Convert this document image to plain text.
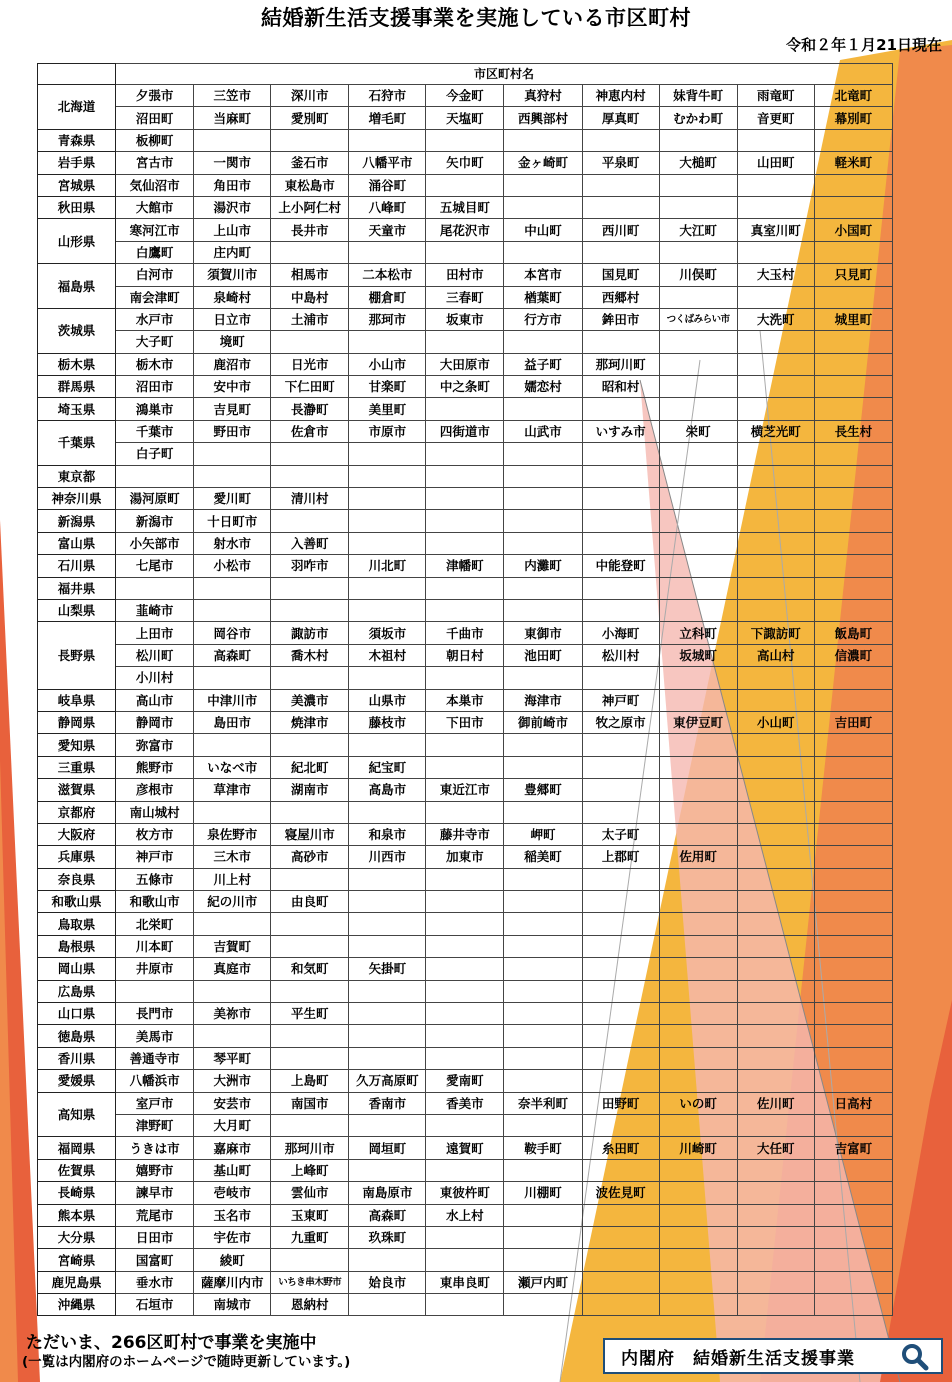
結婚新生活支援事業を実施している市区町村
令和２年１月21日現在
	市区町村名									
北海道	夕張市	三笠市	深川市	石狩市	今金町	真狩村	神恵内村	妹背牛町	雨竜町	北竜町
	沼田町	当麻町	愛別町	増毛町	天塩町	西興部村	厚真町	むかわ町	音更町	幕別町
青森県	板柳町									
岩手県	宮古市	一関市	釜石市	八幡平市	矢巾町	金ヶ崎町	平泉町	大槌町	山田町	軽米町
宮城県	気仙沼市	角田市	東松島市	涌谷町						
秋田県	大館市	湯沢市	上小阿仁村	八峰町	五城目町					
山形県	寒河江市	上山市	長井市	天童市	尾花沢市	中山町	西川町	大江町	真室川町	小国町
	白鷹町	庄内町								
福島県	白河市	須賀川市	相馬市	二本松市	田村市	本宮市	国見町	川俣町	大玉村	只見町
	南会津町	泉崎村	中島村	棚倉町	三春町	楢葉町	西郷村			
茨城県	水戸市	日立市	土浦市	那珂市	坂東市	行方市	鉾田市	つくばみらい市	大洗町	城里町
	大子町	境町								
栃木県	栃木市	鹿沼市	日光市	小山市	大田原市	益子町	那珂川町			
群馬県	沼田市	安中市	下仁田町	甘楽町	中之条町	嬬恋村	昭和村			
埼玉県	鴻巣市	吉見町	長瀞町	美里町						
千葉県	千葉市	野田市	佐倉市	市原市	四街道市	山武市	いすみ市	栄町	横芝光町	長生村
	白子町									
東京都										
神奈川県	湯河原町	愛川町	清川村							
新潟県	新潟市	十日町市								
富山県	小矢部市	射水市	入善町							
石川県	七尾市	小松市	羽咋市	川北町	津幡町	内灘町	中能登町			
福井県										
山梨県	韮崎市									
長野県	上田市	岡谷市	諏訪市	須坂市	千曲市	東御市	小海町	立科町	下諏訪町	飯島町
	松川町	高森町	喬木村	木祖村	朝日村	池田町	松川村	坂城町	高山村	信濃町
	小川村									
岐阜県	高山市	中津川市	美濃市	山県市	本巣市	海津市	神戸町			
静岡県	静岡市	島田市	焼津市	藤枝市	下田市	御前崎市	牧之原市	東伊豆町	小山町	吉田町
愛知県	弥富市									
三重県	熊野市	いなべ市	紀北町	紀宝町						
滋賀県	彦根市	草津市	湖南市	高島市	東近江市	豊郷町				
京都府	南山城村									
大阪府	枚方市	泉佐野市	寝屋川市	和泉市	藤井寺市	岬町	太子町			
兵庫県	神戸市	三木市	高砂市	川西市	加東市	稲美町	上郡町	佐用町		
奈良県	五條市	川上村								
和歌山県	和歌山市	紀の川市	由良町							
鳥取県	北栄町									
島根県	川本町	吉賀町								
岡山県	井原市	真庭市	和気町	矢掛町						
広島県										
山口県	長門市	美祢市	平生町							
徳島県	美馬市									
香川県	善通寺市	琴平町								
愛媛県	八幡浜市	大洲市	上島町	久万高原町	愛南町					
高知県	室戸市	安芸市	南国市	香南市	香美市	奈半利町	田野町	いの町	佐川町	日高村
	津野町	大月町								
福岡県	うきは市	嘉麻市	那珂川市	岡垣町	遠賀町	鞍手町	糸田町	川崎町	大任町	吉富町
佐賀県	嬉野市	基山町	上峰町							
長崎県	諫早市	壱岐市	雲仙市	南島原市	東彼杵町	川棚町	波佐見町			
熊本県	荒尾市	玉名市	玉東町	高森町	水上村					
大分県	日田市	宇佐市	九重町	玖珠町						
宮崎県	国富町	綾町								
鹿児島県	垂水市	薩摩川内市	いちき串木野市	姶良市	東串良町	瀬戸内町				
沖縄県	石垣市	南城市	恩納村							
ただいま、266区町村で事業を実施中
(一覧は内閣府のホームページで随時更新しています。)	内閣府　結婚新生活支援事業
